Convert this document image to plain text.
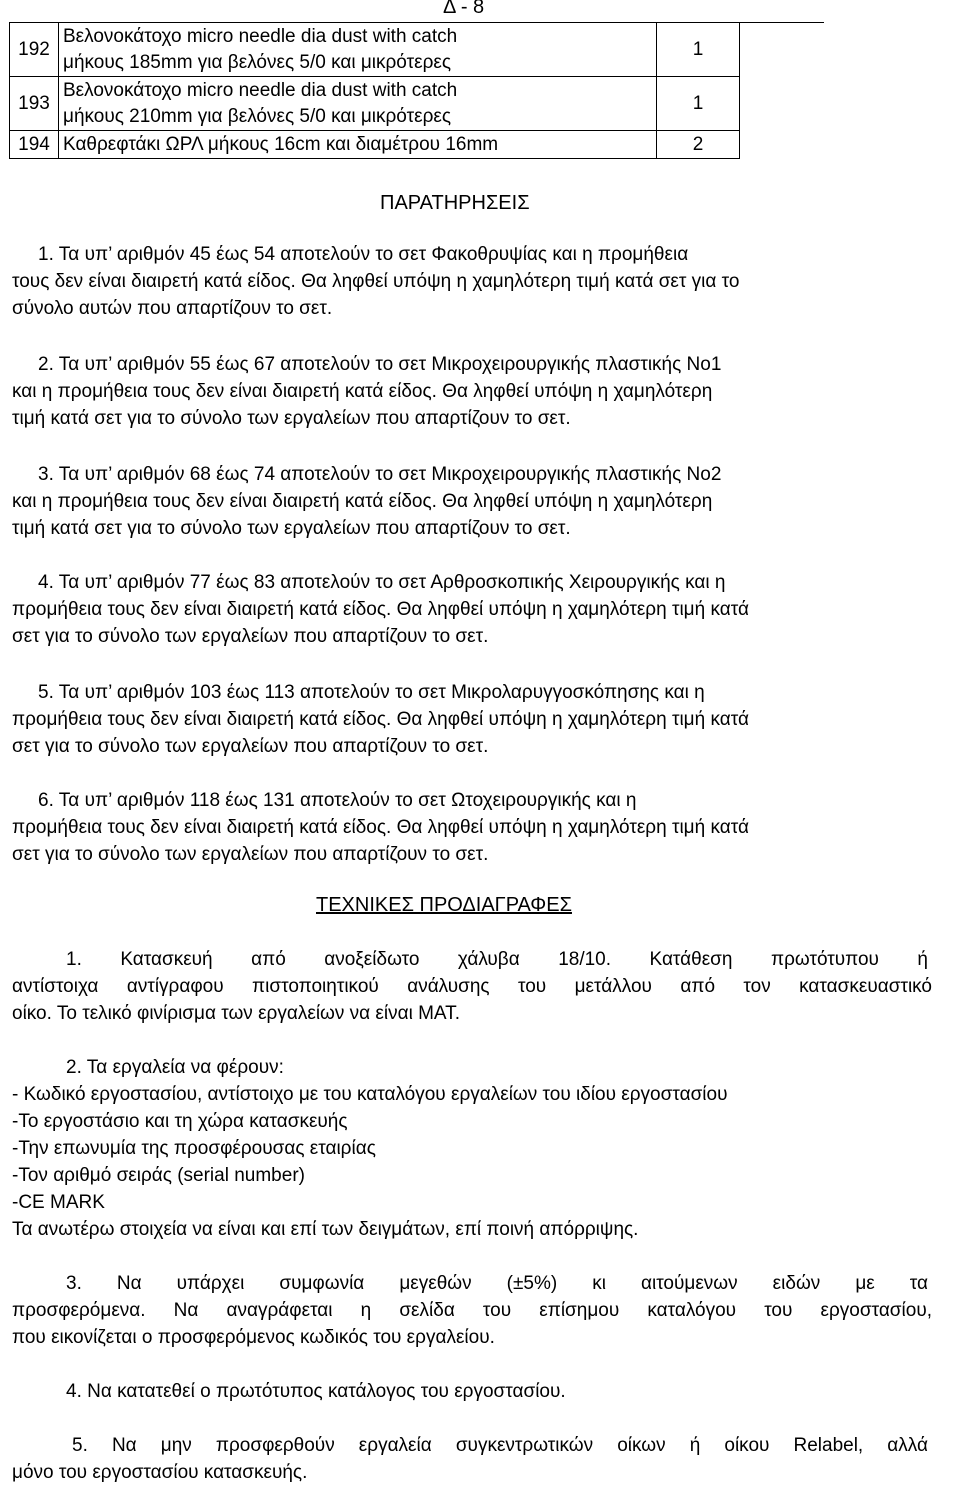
Δ - 8
192	Βελονοκάτοχο micro needle dia dust with catch
μήκους 185mm για βελόνες 5/0 και μικρότερες	1	
193	Βελονοκάτοχο micro needle dia dust with catch
μήκους 210mm για βελόνες 5/0 και μικρότερες	1	
194	Καθρεφτάκι ΩΡΛ μήκους 16cm και διαμέτρου 16mm	2	
ΠΑΡΑΤΗΡΗΣΕΙΣ
1. Τα υπ’ αριθμόν 45 έως 54 αποτελούν το σετ Φακοθρυψίας και η προμήθεια
τους δεν είναι διαιρετή κατά είδος. Θα ληφθεί υπόψη η χαμηλότερη τιμή κατά σετ για το
σύνολο αυτών που απαρτίζουν το σετ.
2. Τα υπ’ αριθμόν 55 έως 67 αποτελούν το σετ Μικροχειρουργικής πλαστικής Νο1
και η προμήθεια τους δεν είναι διαιρετή κατά είδος. Θα ληφθεί υπόψη η χαμηλότερη
τιμή κατά σετ για το σύνολο των εργαλείων που απαρτίζουν το σετ.
3. Τα υπ’ αριθμόν 68 έως 74 αποτελούν το σετ Μικροχειρουργικής πλαστικής Νο2
και η προμήθεια τους δεν είναι διαιρετή κατά είδος. Θα ληφθεί υπόψη η χαμηλότερη
τιμή κατά σετ για το σύνολο των εργαλείων που απαρτίζουν το σετ.
4. Τα υπ’ αριθμόν 77 έως 83 αποτελούν το σετ Αρθροσκοπικής Χειρουργικής και η
προμήθεια τους δεν είναι διαιρετή κατά είδος. Θα ληφθεί υπόψη η χαμηλότερη τιμή κατά
σετ για το σύνολο των εργαλείων που απαρτίζουν το σετ.
5. Τα υπ’ αριθμόν 103 έως 113 αποτελούν το σετ Μικρολαρυγγοσκόπησης και η
προμήθεια τους δεν είναι διαιρετή κατά είδος. Θα ληφθεί υπόψη η χαμηλότερη τιμή κατά
σετ για το σύνολο των εργαλείων που απαρτίζουν το σετ.
6. Τα υπ’ αριθμόν 118 έως 131 αποτελούν το σετ Ωτοχειρουργικής και η
προμήθεια τους δεν είναι διαιρετή κατά είδος. Θα ληφθεί υπόψη η χαμηλότερη τιμή κατά
σετ για το σύνολο των εργαλείων που απαρτίζουν το σετ.
ΤΕΧΝΙΚΕΣ ΠΡΟΔΙΑΓΡΑΦΕΣ
1. Κατασκευή από ανοξείδωτο χάλυβα 18/10. Κατάθεση πρωτότυπου ή
αντίστοιχα αντίγραφου πιστοποιητικού ανάλυσης του μετάλλου από τον κατασκευαστικό
οίκο. Το τελικό φινίρισμα των εργαλείων να είναι ΜΑΤ.
2. Τα εργαλεία να φέρουν:
- Κωδικό εργοστασίου, αντίστοιχο με του καταλόγου εργαλείων του ιδίου εργοστασίου
-Το εργοστάσιο και τη χώρα κατασκευής
-Την επωνυμία της προσφέρουσας εταιρίας
-Τον αριθμό σειράς (serial number)
-CE MARK
Τα ανωτέρω στοιχεία να είναι και επί των δειγμάτων, επί ποινή απόρριψης.
3. Να υπάρχει συμφωνία μεγεθών (±5%) κι αιτούμενων ειδών με τα
προσφερόμενα. Να αναγράφεται η σελίδα του επίσημου καταλόγου του εργοστασίου,
που εικονίζεται ο προσφερόμενος κωδικός του εργαλείου.
4. Να κατατεθεί ο πρωτότυπος κατάλογος του εργοστασίου.
5. Να μην προσφερθούν εργαλεία συγκεντρωτικών οίκων ή οίκου Relabel, αλλά
μόνο του εργοστασίου κατασκευής.
